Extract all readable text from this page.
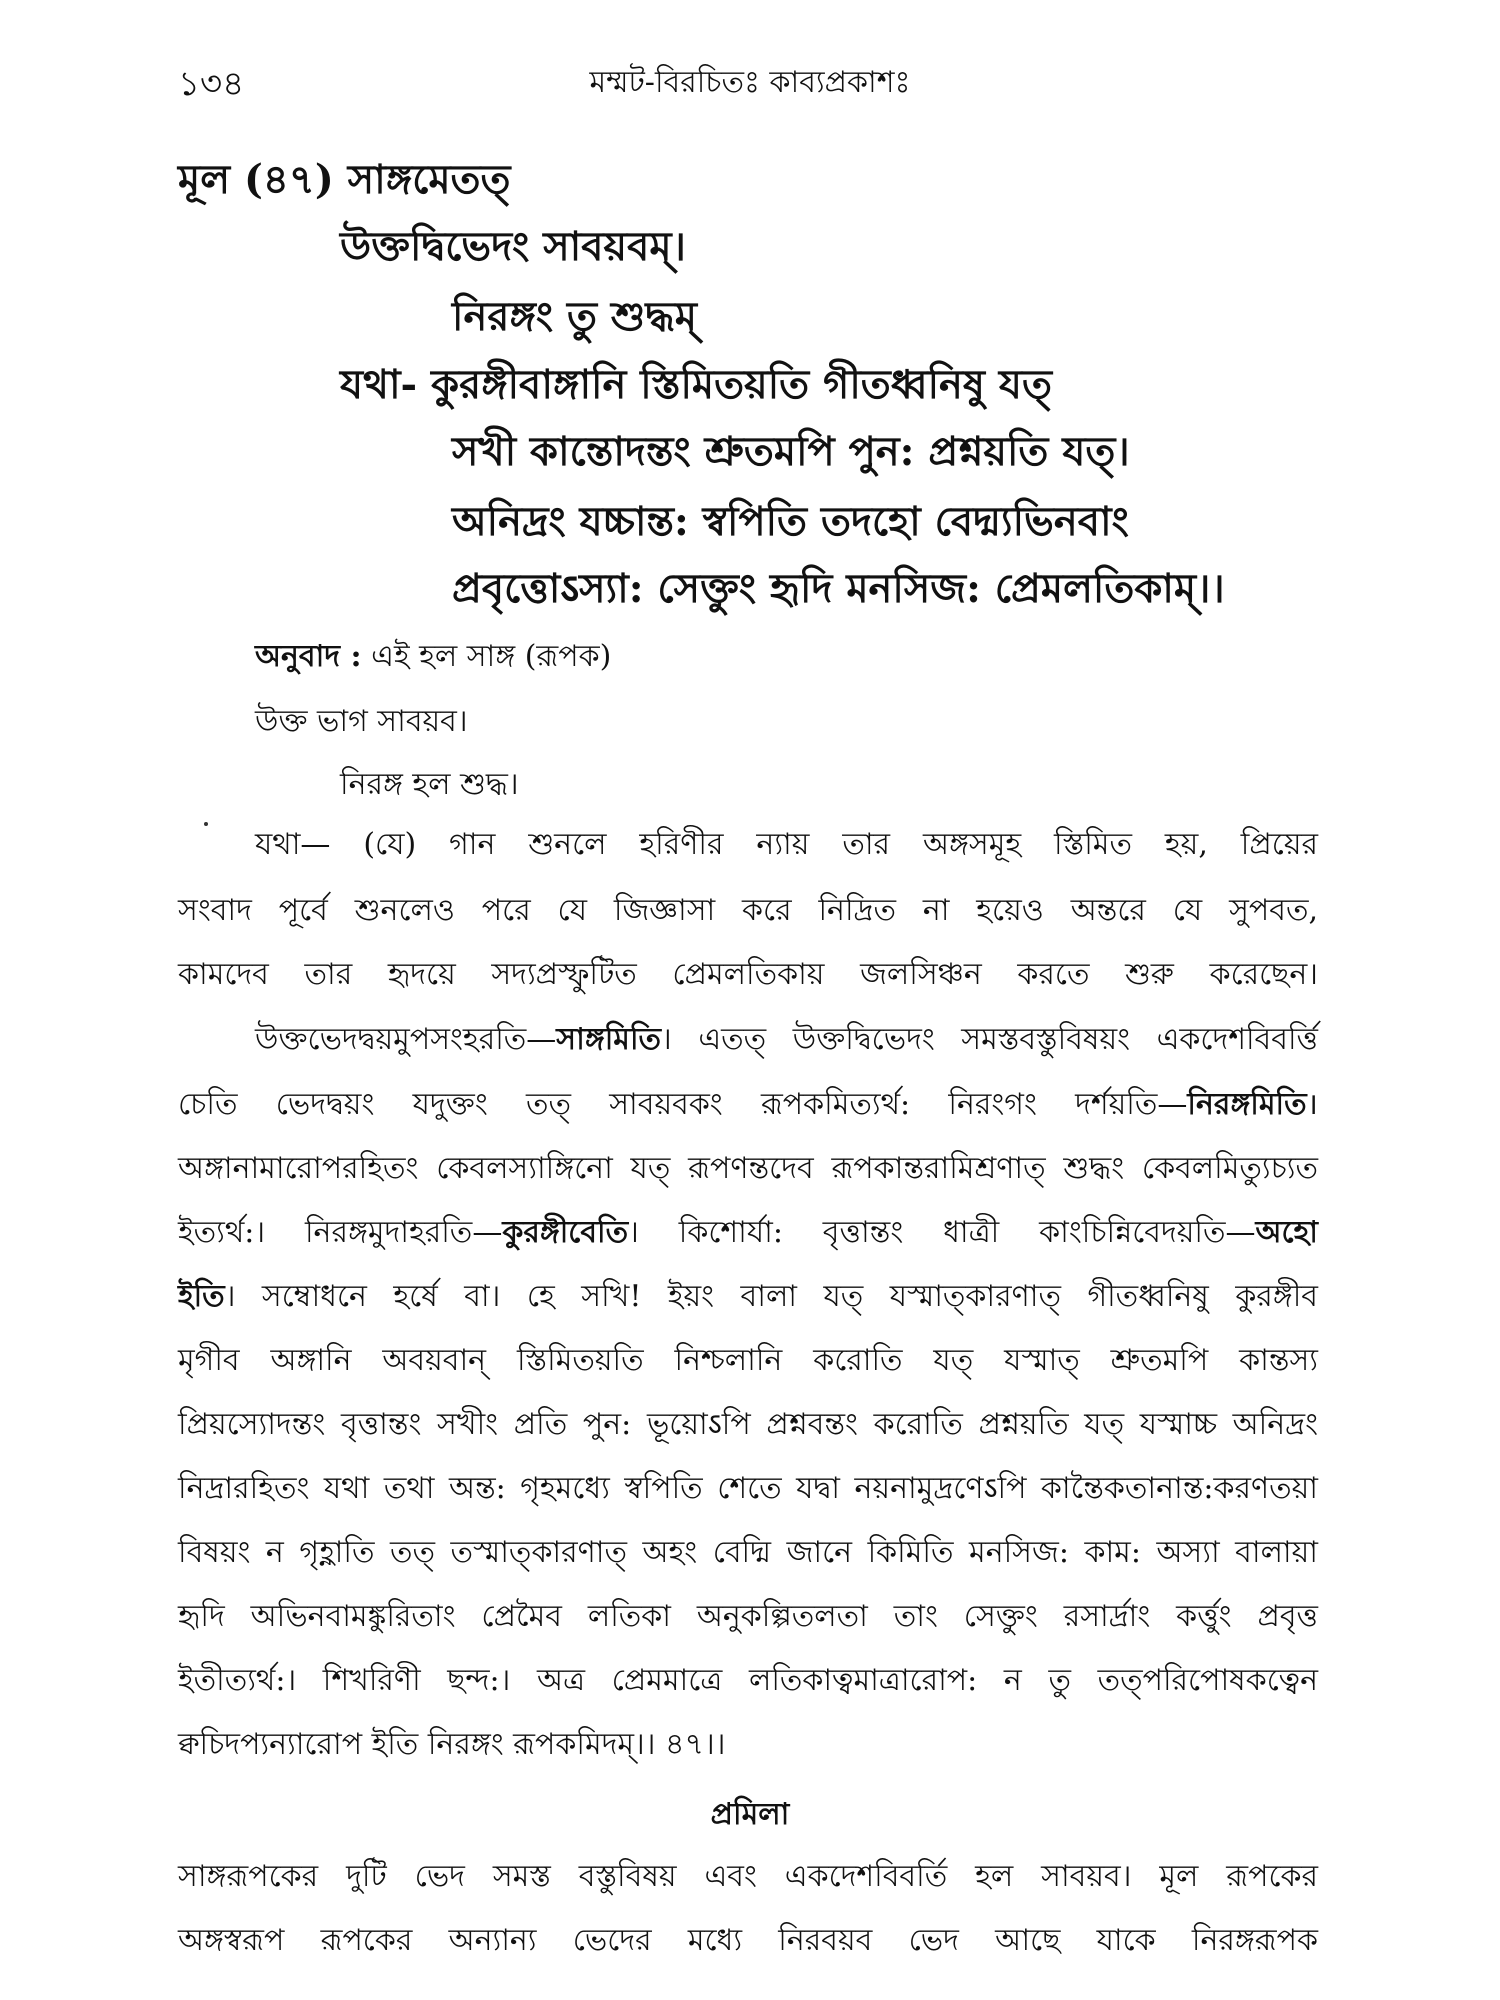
১৩৪	মম্মট-বিরচিতঃ কাব্যপ্রকাশঃ
মূল (৪৭) সাঙ্গমেতত্
উক্তদ্বিভেদং সাবয়বম্।
নিরঙ্গং তু শুদ্ধম্
যথা- কুরঙ্গীবাঙ্গানি স্তিমিতয়তি গীতধ্বনিষু যত্
সখী কান্তোদন্তং শ্রুতমপি পুন: প্রশ্নয়তি যত্।
অনিদ্রং যচ্চান্ত: স্বপিতি তদহো বেদ্ম্যভিনবাং
প্রবৃত্তোऽস্যা: সেক্তুং হৃদি মনসিজ: প্রেমলতিকাম্।।
অনুবাদ : এই হল সাঙ্গ (রূপক)
উক্ত ভাগ সাবয়ব।
নিরঙ্গ হল শুদ্ধ।
যথা— (যে) গান শুনলে হরিণীর ন্যায় তার অঙ্গসমূহ স্তিমিত হয়, প্রিয়ের
সংবাদ পূর্বে শুনলেও পরে যে জিজ্ঞাসা করে নিদ্রিত না হয়েও অন্তরে যে সুপবত,
কামদেব তার হৃদয়ে সদ্যপ্রস্ফুটিত প্রেমলতিকায় জলসিঞ্চন করতে শুরু করেছেন।
উক্তভেদদ্বয়মুপসংহরতি—সাঙ্গমিতি। এতত্ উক্তদ্বিভেদং সমস্তবস্তুবিষয়ং একদেশবিবর্ত্তি
চেতি ভেদদ্বয়ং যদুক্তং তত্ সাবয়বকং রূপকমিত্যর্থ: নিরংগং দর্শয়তি—নিরঙ্গমিতি।
অঙ্গানামারোপরহিতং কেবলস্যাঙ্গিনো যত্ রূপণন্তদেব রূপকান্তরামিশ্রণাত্ শুদ্ধং কেবলমিত্যুচ্যত
ইত্যর্থ:। নিরঙ্গমুদাহরতি—কুরঙ্গীবেতি। কিশোর্যা: বৃত্তান্তং ধাত্রী কাংচিন্নিবেদয়তি—অহো
ইতি। সম্বোধনে হর্ষে বা। হে সখি! ইয়ং বালা যত্ যস্মাত্কারণাত্ গীতধ্বনিষু কুরঙ্গীব
মৃগীব অঙ্গানি অবয়বান্ স্তিমিতয়তি নিশ্চলানি করোতি যত্ যস্মাত্ শ্রুতমপি কান্তস্য
প্রিয়স্যোদন্তং বৃত্তান্তং সখীং প্রতি পুন: ভূয়োऽপি প্রশ্নবন্তং করোতি প্রশ্নয়তি যত্ যস্মাচ্চ অনিদ্রং
নিদ্রারহিতং যথা তথা অন্ত: গৃহমধ্যে স্বপিতি শেতে যদ্বা নয়নামুদ্রণেऽপি কান্তৈকতানান্ত:করণতয়া
বিষয়ং ন গৃহ্ণাতি তত্ তস্মাত্কারণাত্ অহং বেদ্মি জানে কিমিতি মনসিজ: কাম: অস্যা বালায়া
হৃদি অভিনবামঙ্কুরিতাং প্রেমৈব লতিকা অনুকল্পিতলতা তাং সেক্তুং রসার্দ্রাং কর্ত্তুং প্রবৃত্ত
ইতীত্যর্থ:। শিখরিণী ছন্দ:। অত্র প্রেমমাত্রে লতিকাত্বমাত্রারোপ: ন তু তত্পরিপোষকত্বেন
ক্বচিদপ্যন্যারোপ ইতি নিরঙ্গং রূপকমিদম্।। ৪৭।।
প্রমিলা
সাঙ্গরূপকের দুটি ভেদ সমস্ত বস্তুবিষয় এবং একদেশবিবর্তি হল সাবয়ব। মূল রূপকের
অঙ্গস্বরূপ রূপকের অন্যান্য ভেদের মধ্যে নিরবয়ব ভেদ আছে যাকে নিরঙ্গরূপক
